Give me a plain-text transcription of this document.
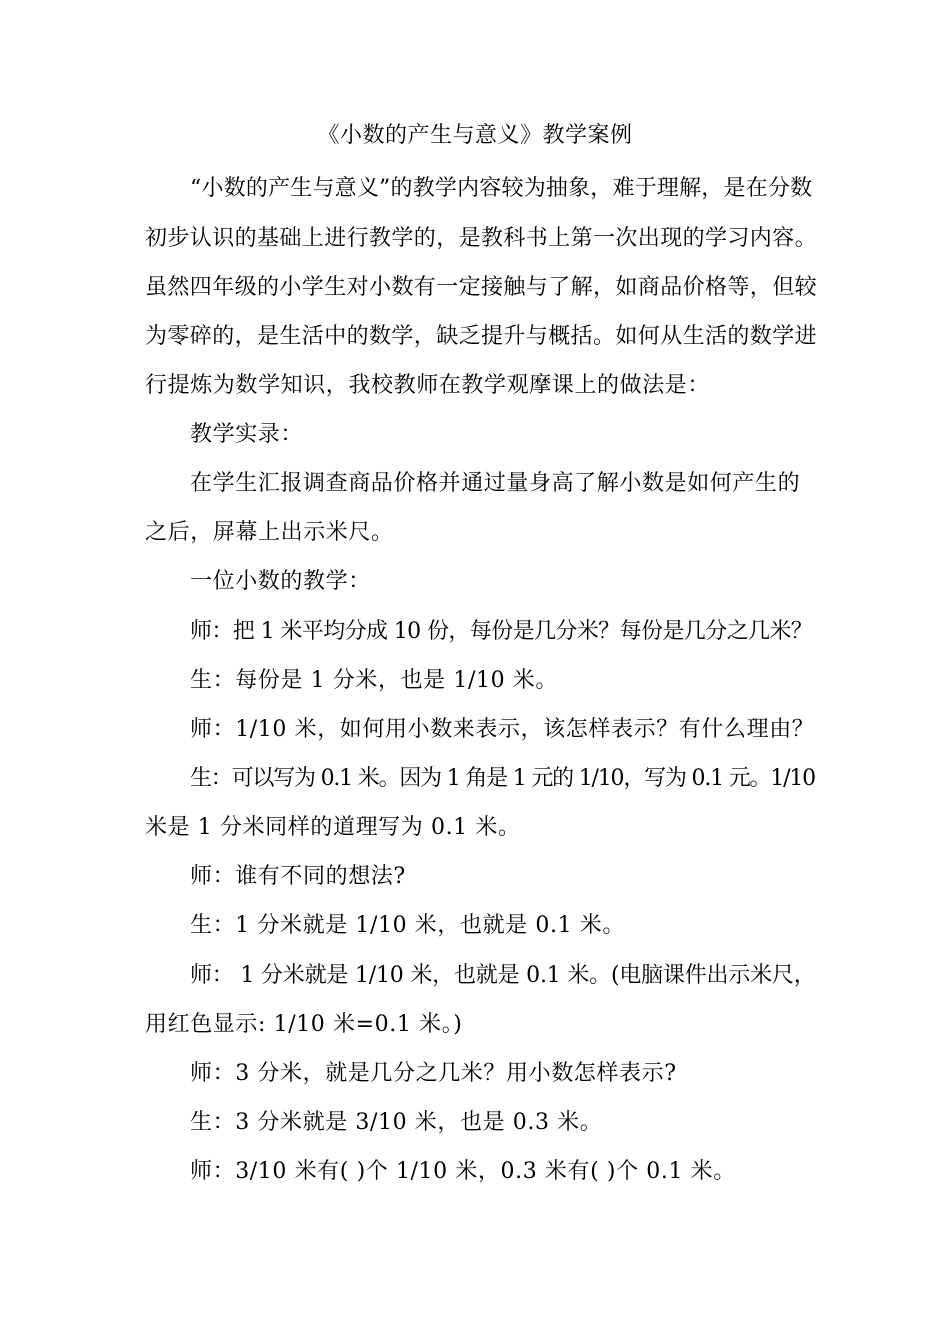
《小数的产生与意义》教学案例
“小数的产生与意义”的教学内容较为抽象，难于理解，是在分数
初步认识的基础上进行教学的，是教科书上第一次出现的学习内容。
虽然四年级的小学生对小数有一定接触与了解，如商品价格等，但较
为零碎的，是生活中的数学，缺乏提升与概括。如何从生活的数学进
行提炼为数学知识，我校教师在教学观摩课上的做法是：
教学实录：
在学生汇报调查商品价格并通过量身高了解小数是如何产生的
之后，屏幕上出示米尺。
一位小数的教学：
师：把 1 米平均分成 10 份，每份是几分米？每份是几分之几米？
生：每份是 1 分米，也是 1/10 米。
师：1/10 米，如何用小数来表示，该怎样表示？有什么理由？
生：可以写为 0.1 米。因为 1 角是 1 元的 1/10，写为 0.1 元。1/10
米是 1 分米同样的道理写为 0.1 米。
师：谁有不同的想法?
生：1 分米就是 1/10 米，也就是 0.1 米。
师： 1 分米就是 1/10 米，也就是 0.1 米。(电脑课件出示米尺，
用红色显示: 1/10 米=0.1 米。)
师：3 分米，就是几分之几米？用小数怎样表示?
生：3 分米就是 3/10 米，也是 0.3 米。
师：3/10 米有( )个 1/10 米，0.3 米有( )个 0.1 米。
